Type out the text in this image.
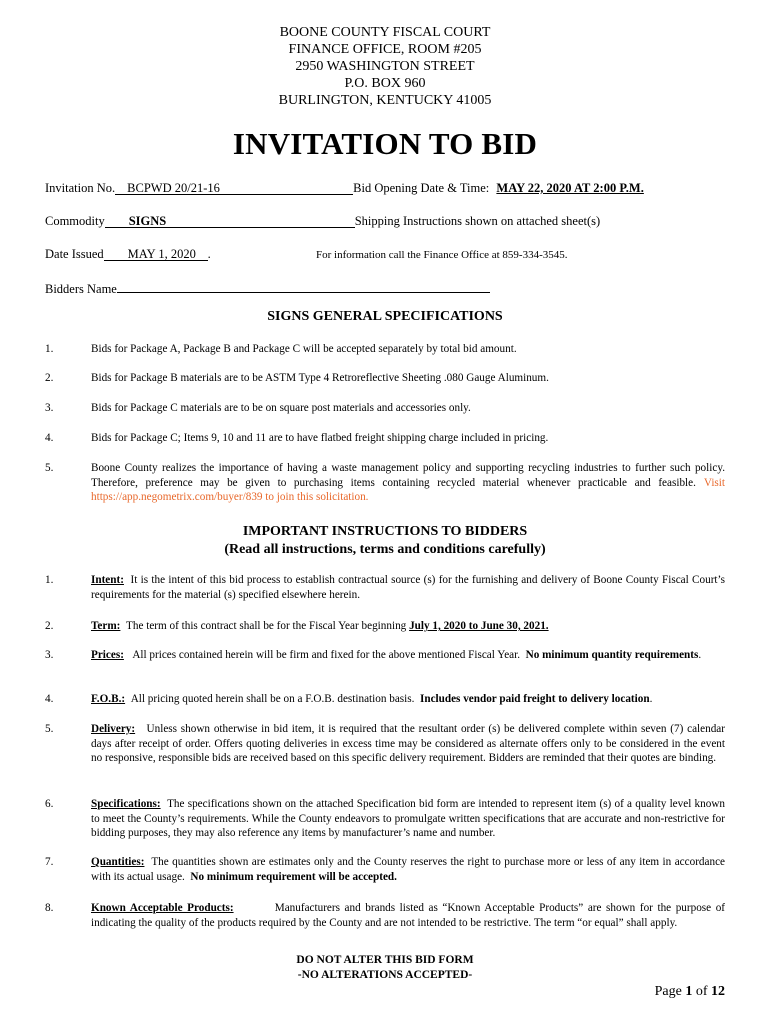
BOONE COUNTY FISCAL COURT
FINANCE OFFICE, ROOM #205
2950 WASHINGTON STREET
P.O. BOX 960
BURLINGTON, KENTUCKY 41005
INVITATION TO BID
Invitation No. BCPWD 20/21-16	Bid Opening Date & Time: MAY 22, 2020 AT 2:00 P.M.
Commodity SIGNS	Shipping Instructions shown on attached sheet(s)
Date Issued MAY 1, 2020 .	For information call the Finance Office at 859-334-3545.
Bidders Name
SIGNS GENERAL SPECIFICATIONS
1.	Bids for Package A, Package B and Package C will be accepted separately by total bid amount.
2.	Bids for Package B materials are to be ASTM Type 4 Retroreflective Sheeting .080 Gauge Aluminum.
3.	Bids for Package C materials are to be on square post materials and accessories only.
4.	Bids for Package C; Items 9, 10 and 11 are to have flatbed freight shipping charge included in pricing.
5.	Boone County realizes the importance of having a waste management policy and supporting recycling industries to further such policy. Therefore, preference may be given to purchasing items containing recycled material whenever practicable and feasible. Visit https://app.negometrix.com/buyer/839 to join this solicitation.
IMPORTANT INSTRUCTIONS TO BIDDERS
(Read all instructions, terms and conditions carefully)
1.	Intent: It is the intent of this bid process to establish contractual source (s) for the furnishing and delivery of Boone County Fiscal Court’s requirements for the material (s) specified elsewhere herein.
2.	Term: The term of this contract shall be for the Fiscal Year beginning July 1, 2020 to June 30, 2021.
3.	Prices: All prices contained herein will be firm and fixed for the above mentioned Fiscal Year. No minimum quantity requirements.
4.	F.O.B.: All pricing quoted herein shall be on a F.O.B. destination basis. Includes vendor paid freight to delivery location.
5.	Delivery: Unless shown otherwise in bid item, it is required that the resultant order (s) be delivered complete within seven (7) calendar days after receipt of order. Offers quoting deliveries in excess time may be considered as alternate offers only to be considered in the event no responsive, responsible bids are received based on this specific delivery requirement. Bidders are reminded that their quotes are binding.
6.	Specifications: The specifications shown on the attached Specification bid form are intended to represent item (s) of a quality level known to meet the County’s requirements. While the County endeavors to promulgate written specifications that are accurate and non-restrictive for bidding purposes, they may also reference any items by manufacturer’s name and number.
7.	Quantities: The quantities shown are estimates only and the County reserves the right to purchase more or less of any item in accordance with its actual usage. No minimum requirement will be accepted.
8.	Known Acceptable Products:	Manufacturers and brands listed as “Known Acceptable Products” are shown for the purpose of indicating the quality of the products required by the County and are not intended to be restrictive. The term “or equal” shall apply.
DO NOT ALTER THIS BID FORM
-NO ALTERATIONS ACCEPTED-
Page 1 of 12
